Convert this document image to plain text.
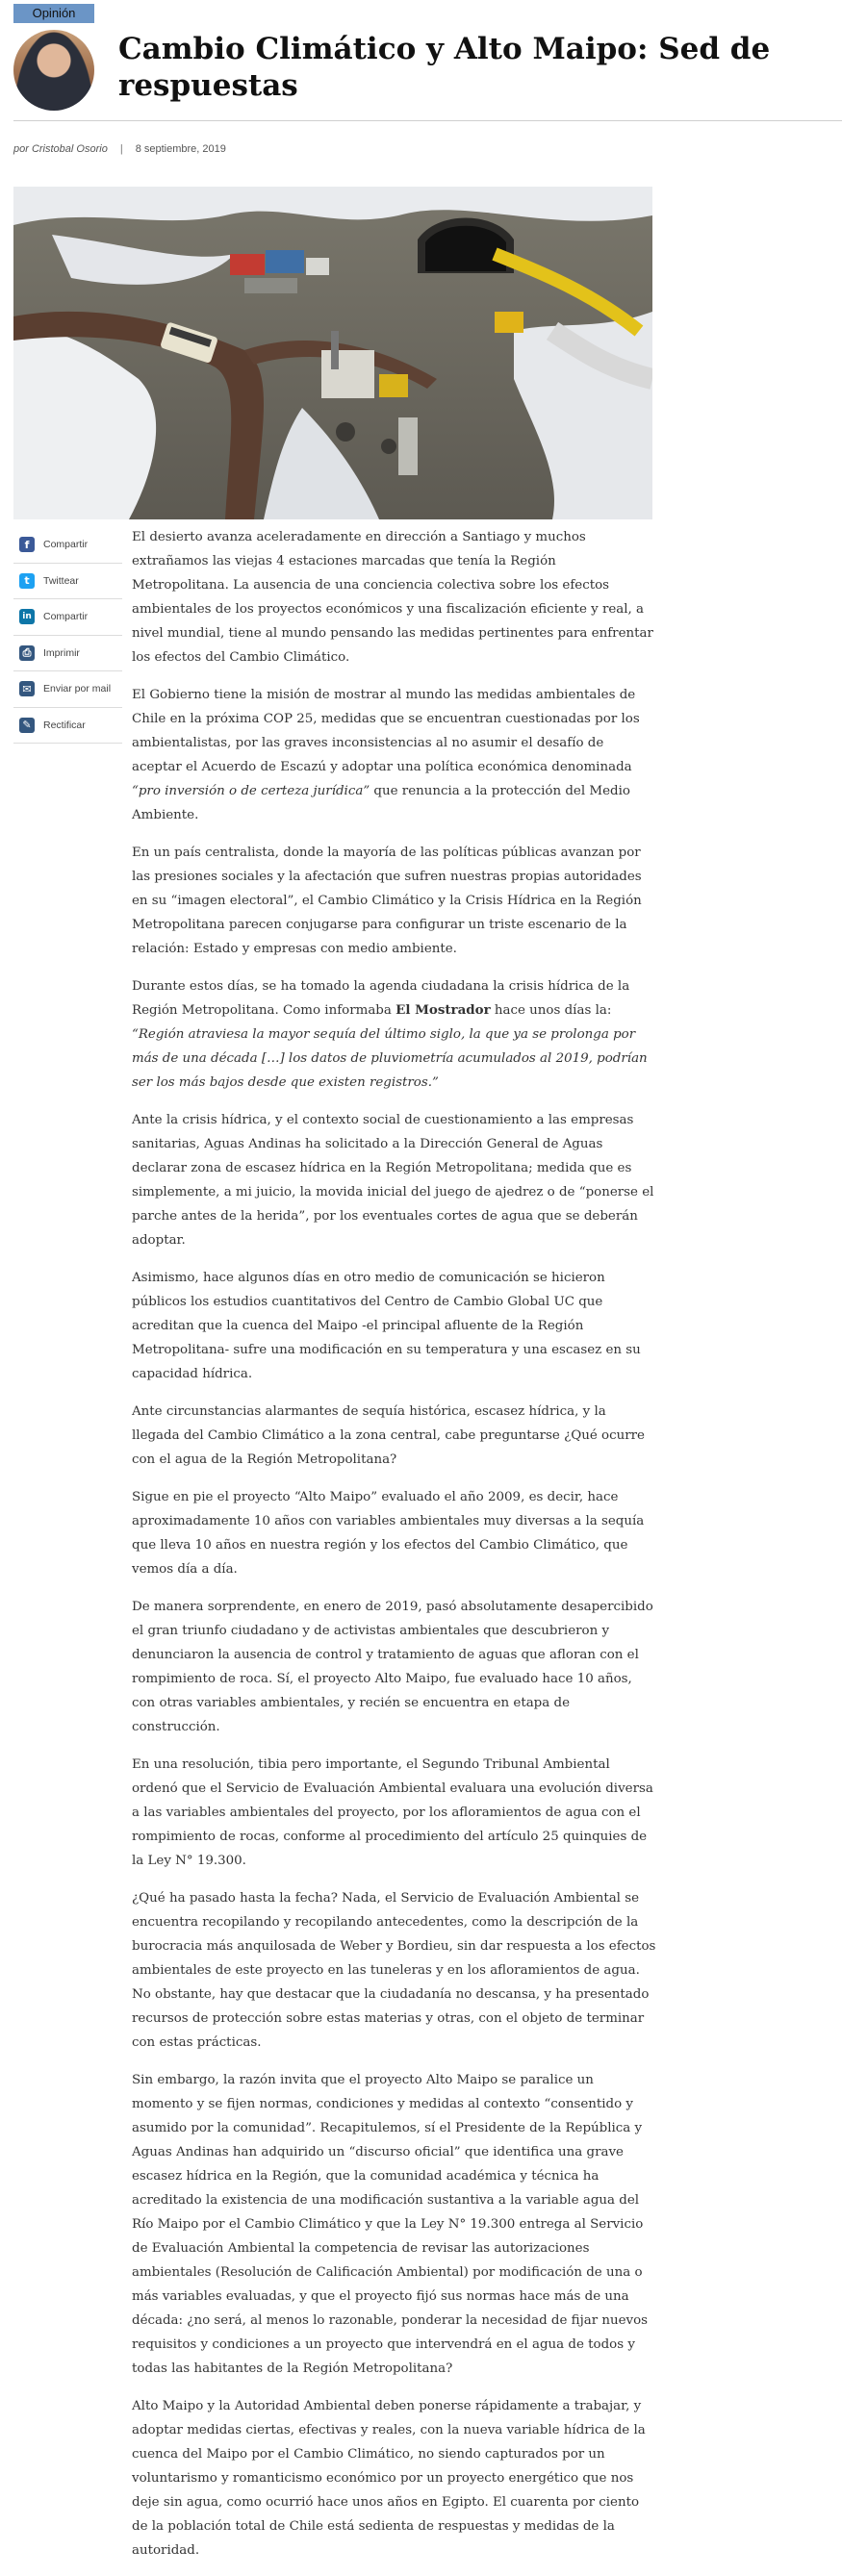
Opinión
Cambio Climático y Alto Maipo: Sed de respuestas
por Cristobal Osorio | 8 septiembre, 2019
f	Compartir
t	Twittear
in	Compartir
⎙	Imprimir
✉	Enviar por mail
✎	Rectificar

El desierto avanza aceleradamente en dirección a Santiago y muchos extrañamos las viejas 4 estaciones marcadas que tenía la Región Metropolitana. La ausencia de una conciencia colectiva sobre los efectos ambientales de los proyectos económicos y una fiscalización eficiente y real, a nivel mundial, tiene al mundo pensando las medidas pertinentes para enfrentar los efectos del Cambio Climático.

El Gobierno tiene la misión de mostrar al mundo las medidas ambientales de Chile en la próxima COP 25, medidas que se encuentran cuestionadas por los ambientalistas, por las graves inconsistencias al no asumir el desafío de aceptar el Acuerdo de Escazú y adoptar una política económica denominada “pro inversión o de certeza jurídica” que renuncia a la protección del Medio Ambiente.

En un país centralista, donde la mayoría de las políticas públicas avanzan por las presiones sociales y la afectación que sufren nuestras propias autoridades en su “imagen electoral”, el Cambio Climático y la Crisis Hídrica en la Región Metropolitana parecen conjugarse para configurar un triste escenario de la relación: Estado y empresas con medio ambiente.

Durante estos días, se ha tomado la agenda ciudadana la crisis hídrica de la Región Metropolitana. Como informaba El Mostrador hace unos días la: “Región atraviesa la mayor sequía del último siglo, la que ya se prolonga por más de una década […] los datos de pluviometría acumulados al 2019, podrían ser los más bajos desde que existen registros.”

Ante la crisis hídrica, y el contexto social de cuestionamiento a las empresas sanitarias, Aguas Andinas ha solicitado a la Dirección General de Aguas declarar zona de escasez hídrica en la Región Metropolitana; medida que es simplemente, a mi juicio, la movida inicial del juego de ajedrez o de “ponerse el parche antes de la herida”, por los eventuales cortes de agua que se deberán adoptar.

Asimismo, hace algunos días en otro medio de comunicación se hicieron públicos los estudios cuantitativos del Centro de Cambio Global UC que acreditan que la cuenca del Maipo -el principal afluente de la Región Metropolitana- sufre una modificación en su temperatura y una escasez en su capacidad hídrica.

Ante circunstancias alarmantes de sequía histórica, escasez hídrica, y la llegada del Cambio Climático a la zona central, cabe preguntarse ¿Qué ocurre con el agua de la Región Metropolitana?

Sigue en pie el proyecto “Alto Maipo” evaluado el año 2009, es decir, hace aproximadamente 10 años con variables ambientales muy diversas a la sequía que lleva 10 años en nuestra región y los efectos del Cambio Climático, que vemos día a día.

De manera sorprendente, en enero de 2019, pasó absolutamente desapercibido el gran triunfo ciudadano y de activistas ambientales que descubrieron y denunciaron la ausencia de control y tratamiento de aguas que afloran con el rompimiento de roca. Sí, el proyecto Alto Maipo, fue evaluado hace 10 años, con otras variables ambientales, y recién se encuentra en etapa de construcción.

En una resolución, tibia pero importante, el Segundo Tribunal Ambiental ordenó que el Servicio de Evaluación Ambiental evaluara una evolución diversa a las variables ambientales del proyecto, por los afloramientos de agua con el rompimiento de rocas, conforme al procedimiento del artículo 25 quinquies de la Ley N° 19.300.

¿Qué ha pasado hasta la fecha? Nada, el Servicio de Evaluación Ambiental se encuentra recopilando y recopilando antecedentes, como la descripción de la burocracia más anquilosada de Weber y Bordieu, sin dar respuesta a los efectos ambientales de este proyecto en las tuneleras y en los afloramientos de agua. No obstante, hay que destacar que la ciudadanía no descansa, y ha presentado recursos de protección sobre estas materias y otras, con el objeto de terminar con estas prácticas.

Sin embargo, la razón invita que el proyecto Alto Maipo se paralice un momento y se fijen normas, condiciones y medidas al contexto “consentido y asumido por la comunidad”. Recapitulemos, sí el Presidente de la República y Aguas Andinas han adquirido un “discurso oficial” que identifica una grave escasez hídrica en la Región, que la comunidad académica y técnica ha acreditado la existencia de una modificación sustantiva a la variable agua del Río Maipo por el Cambio Climático y que la Ley N° 19.300 entrega al Servicio de Evaluación Ambiental la competencia de revisar las autorizaciones ambientales (Resolución de Calificación Ambiental) por modificación de una o más variables evaluadas, y que el proyecto fijó sus normas hace más de una década: ¿no será, al menos lo razonable, ponderar la necesidad de fijar nuevos requisitos y condiciones a un proyecto que intervendrá en el agua de todos y todas las habitantes de la Región Metropolitana?

Alto Maipo y la Autoridad Ambiental deben ponerse rápidamente a trabajar, y adoptar medidas ciertas, efectivas y reales, con la nueva variable hídrica de la cuenca del Maipo por el Cambio Climático, no siendo capturados por un voluntarismo y romanticismo económico por un proyecto energético que nos deje sin agua, como ocurrió hace unos años en Egipto. El cuarenta por ciento de la población total de Chile está sedienta de respuestas y medidas de la autoridad.
